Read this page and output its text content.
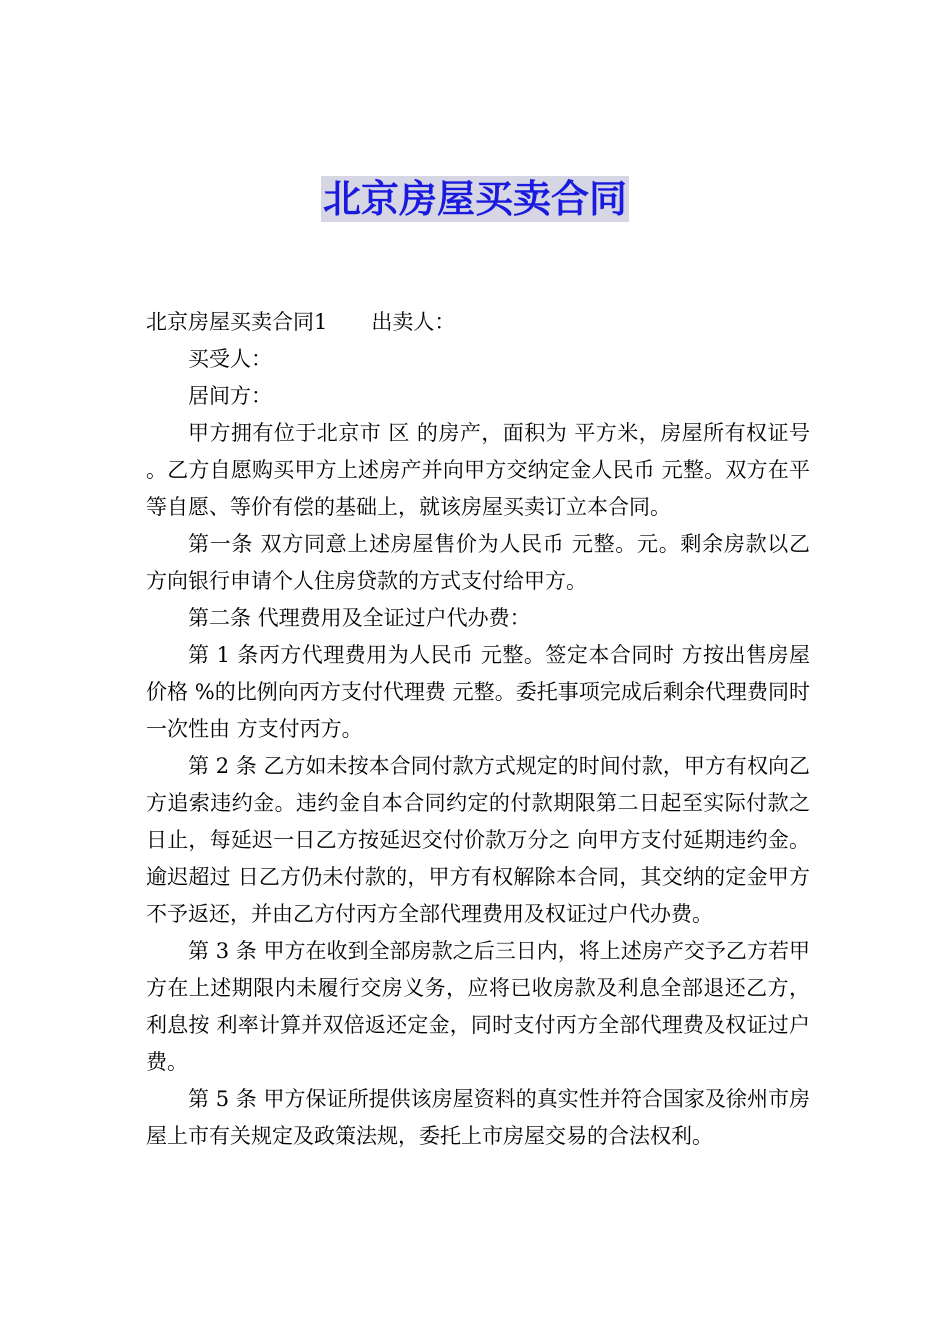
北京房屋买卖合同

北京房屋买卖合同1 出卖人：

买受人：

居间方：

甲方拥有位于北京市 区 的房产，面积为 平方米，房屋所有权证号 。乙方自愿购买甲方上述房产并向甲方交纳定金人民币 元整。双方在平等自愿、等价有偿的基础上，就该房屋买卖订立本合同。

第一条 双方同意上述房屋售价为人民币 元整。元。剩余房款以乙方向银行申请个人住房贷款的方式支付给甲方。

第二条 代理费用及全证过户代办费：

第 1 条丙方代理费用为人民币 元整。签定本合同时 方按出售房屋价格 %的比例向丙方支付代理费 元整。委托事项完成后剩余代理费同时一次性由 方支付丙方。

第 2 条 乙方如未按本合同付款方式规定的时间付款，甲方有权向乙方追索违约金。违约金自本合同约定的付款期限第二日起至实际付款之日止，每延迟一日乙方按延迟交付价款万分之 向甲方支付延期违约金。逾迟超过 日乙方仍未付款的，甲方有权解除本合同，其交纳的定金甲方不予返还，并由乙方付丙方全部代理费用及权证过户代办费。

第 3 条 甲方在收到全部房款之后三日内，将上述房产交予乙方若甲方在上述期限内未履行交房义务，应将已收房款及利息全部退还乙方，利息按 利率计算并双倍返还定金，同时支付丙方全部代理费及权证过户费。

第 5 条 甲方保证所提供该房屋资料的真实性并符合国家及徐州市房屋上市有关规定及政策法规，委托上市房屋交易的合法权利。
